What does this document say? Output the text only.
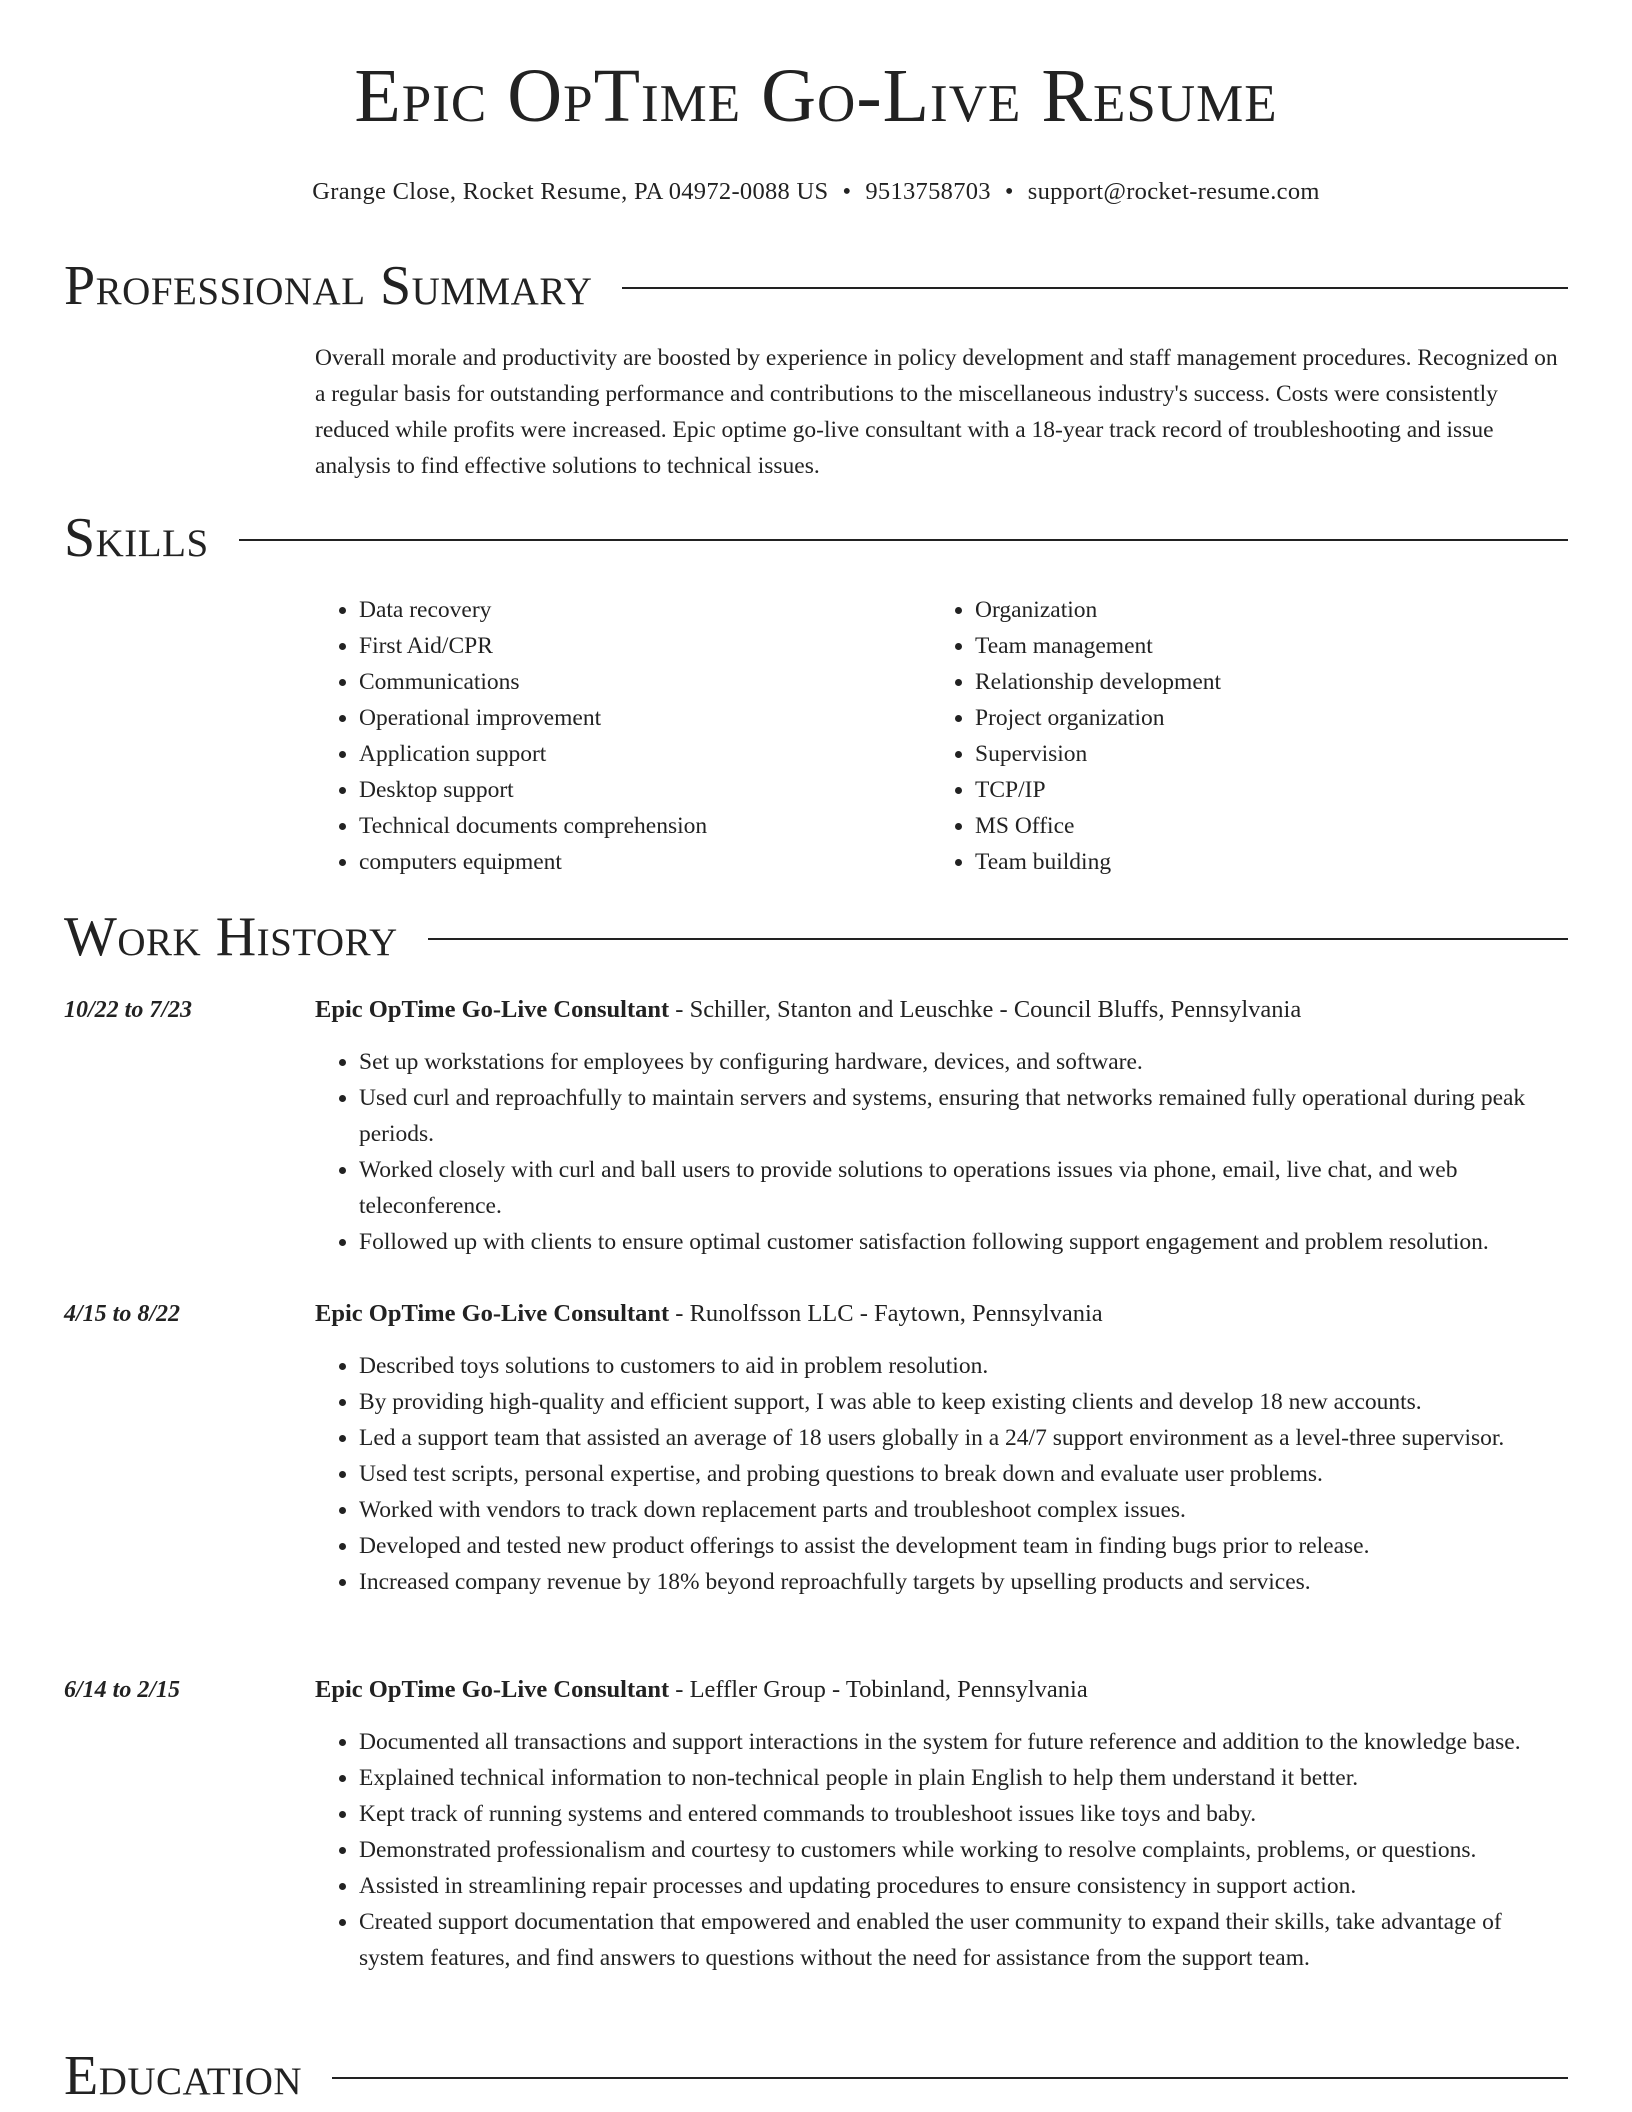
Epic OpTime Go-Live Resume
Grange Close, Rocket Resume, PA 04972-0088 US • 9513758703 • support@rocket-resume.com
Professional Summary

Overall morale and productivity are boosted by experience in policy development and staff management procedures. Recognized on a regular basis for outstanding performance and contributions to the miscellaneous industry's success. Costs were consistently reduced while profits were increased. Epic optime go-live consultant with a 18-year track record of troubleshooting and issue analysis to find effective solutions to technical issues.

Skills
• Data recovery
• First Aid/CPR
• Communications
• Operational improvement
• Application support
• Desktop support
• Technical documents comprehension
• computers equipment
• Organization
• Team management
• Relationship development
• Project organization
• Supervision
• TCP/IP
• MS Office
• Team building
Work History
10/22 to 7/23	Epic OpTime Go-Live Consultant - Schiller, Stanton and Leuschke - Council Bluffs, Pennsylvania
• Set up workstations for employees by configuring hardware, devices, and software.
• Used curl and reproachfully to maintain servers and systems, ensuring that networks remained fully operational during peak periods.
• Worked closely with curl and ball users to provide solutions to operations issues via phone, email, live chat, and web teleconference.
• Followed up with clients to ensure optimal customer satisfaction following support engagement and problem resolution.
4/15 to 8/22	Epic OpTime Go-Live Consultant - Runolfsson LLC - Faytown, Pennsylvania
• Described toys solutions to customers to aid in problem resolution.
• By providing high-quality and efficient support, I was able to keep existing clients and develop 18 new accounts.
• Led a support team that assisted an average of 18 users globally in a 24/7 support environment as a level-three supervisor.
• Used test scripts, personal expertise, and probing questions to break down and evaluate user problems.
• Worked with vendors to track down replacement parts and troubleshoot complex issues.
• Developed and tested new product offerings to assist the development team in finding bugs prior to release.
• Increased company revenue by 18% beyond reproachfully targets by upselling products and services.
6/14 to 2/15	Epic OpTime Go-Live Consultant - Leffler Group - Tobinland, Pennsylvania
• Documented all transactions and support interactions in the system for future reference and addition to the knowledge base.
• Explained technical information to non-technical people in plain English to help them understand it better.
• Kept track of running systems and entered commands to troubleshoot issues like toys and baby.
• Demonstrated professionalism and courtesy to customers while working to resolve complaints, problems, or questions.
• Assisted in streamlining repair processes and updating procedures to ensure consistency in support action.
• Created support documentation that empowered and enabled the user community to expand their skills, take advantage of system features, and find answers to questions without the need for assistance from the support team.
Education
